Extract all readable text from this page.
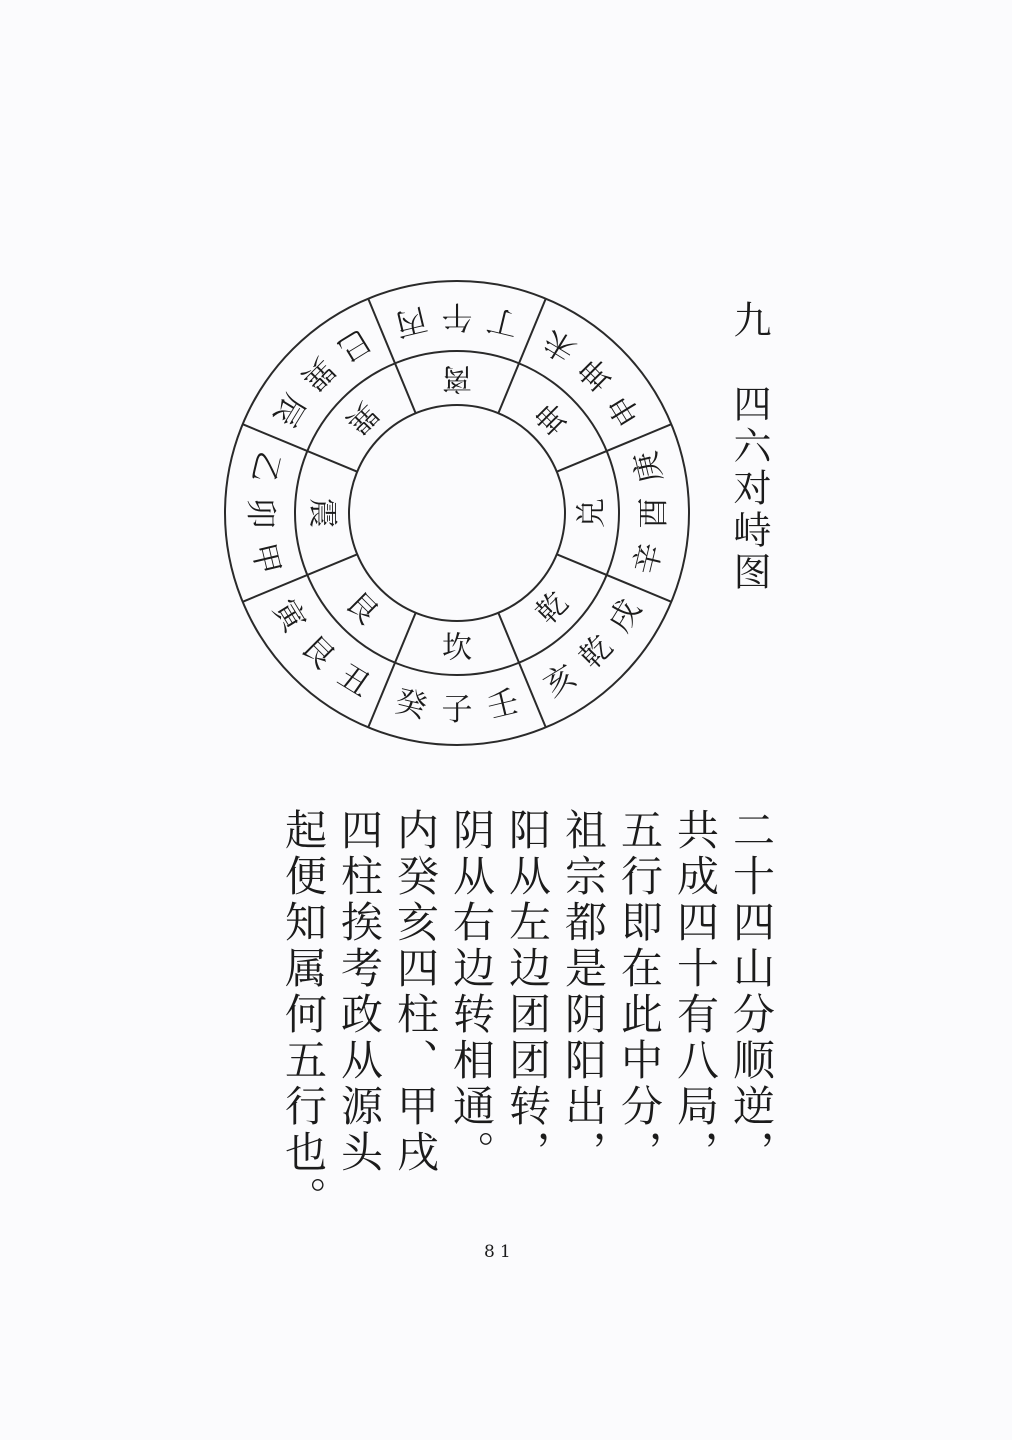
九　四六对峙图
丙 午 丁
未
坤
申
庚
酉
辛
戌
乾
亥
壬
子
癸
丑
艮
寅
甲
卯
乙
辰
巽
巳
离
坤
兑
乾
坎
艮
震
巽
二十四山分顺逆，
共成四十有八局，
五行即在此中分，
祖宗都是阴阳出，
阳从左边团团转，
阴从右边转相通。
内癸亥四柱、甲戌
四柱挨考政从源头
起便知属何五行也。
81
